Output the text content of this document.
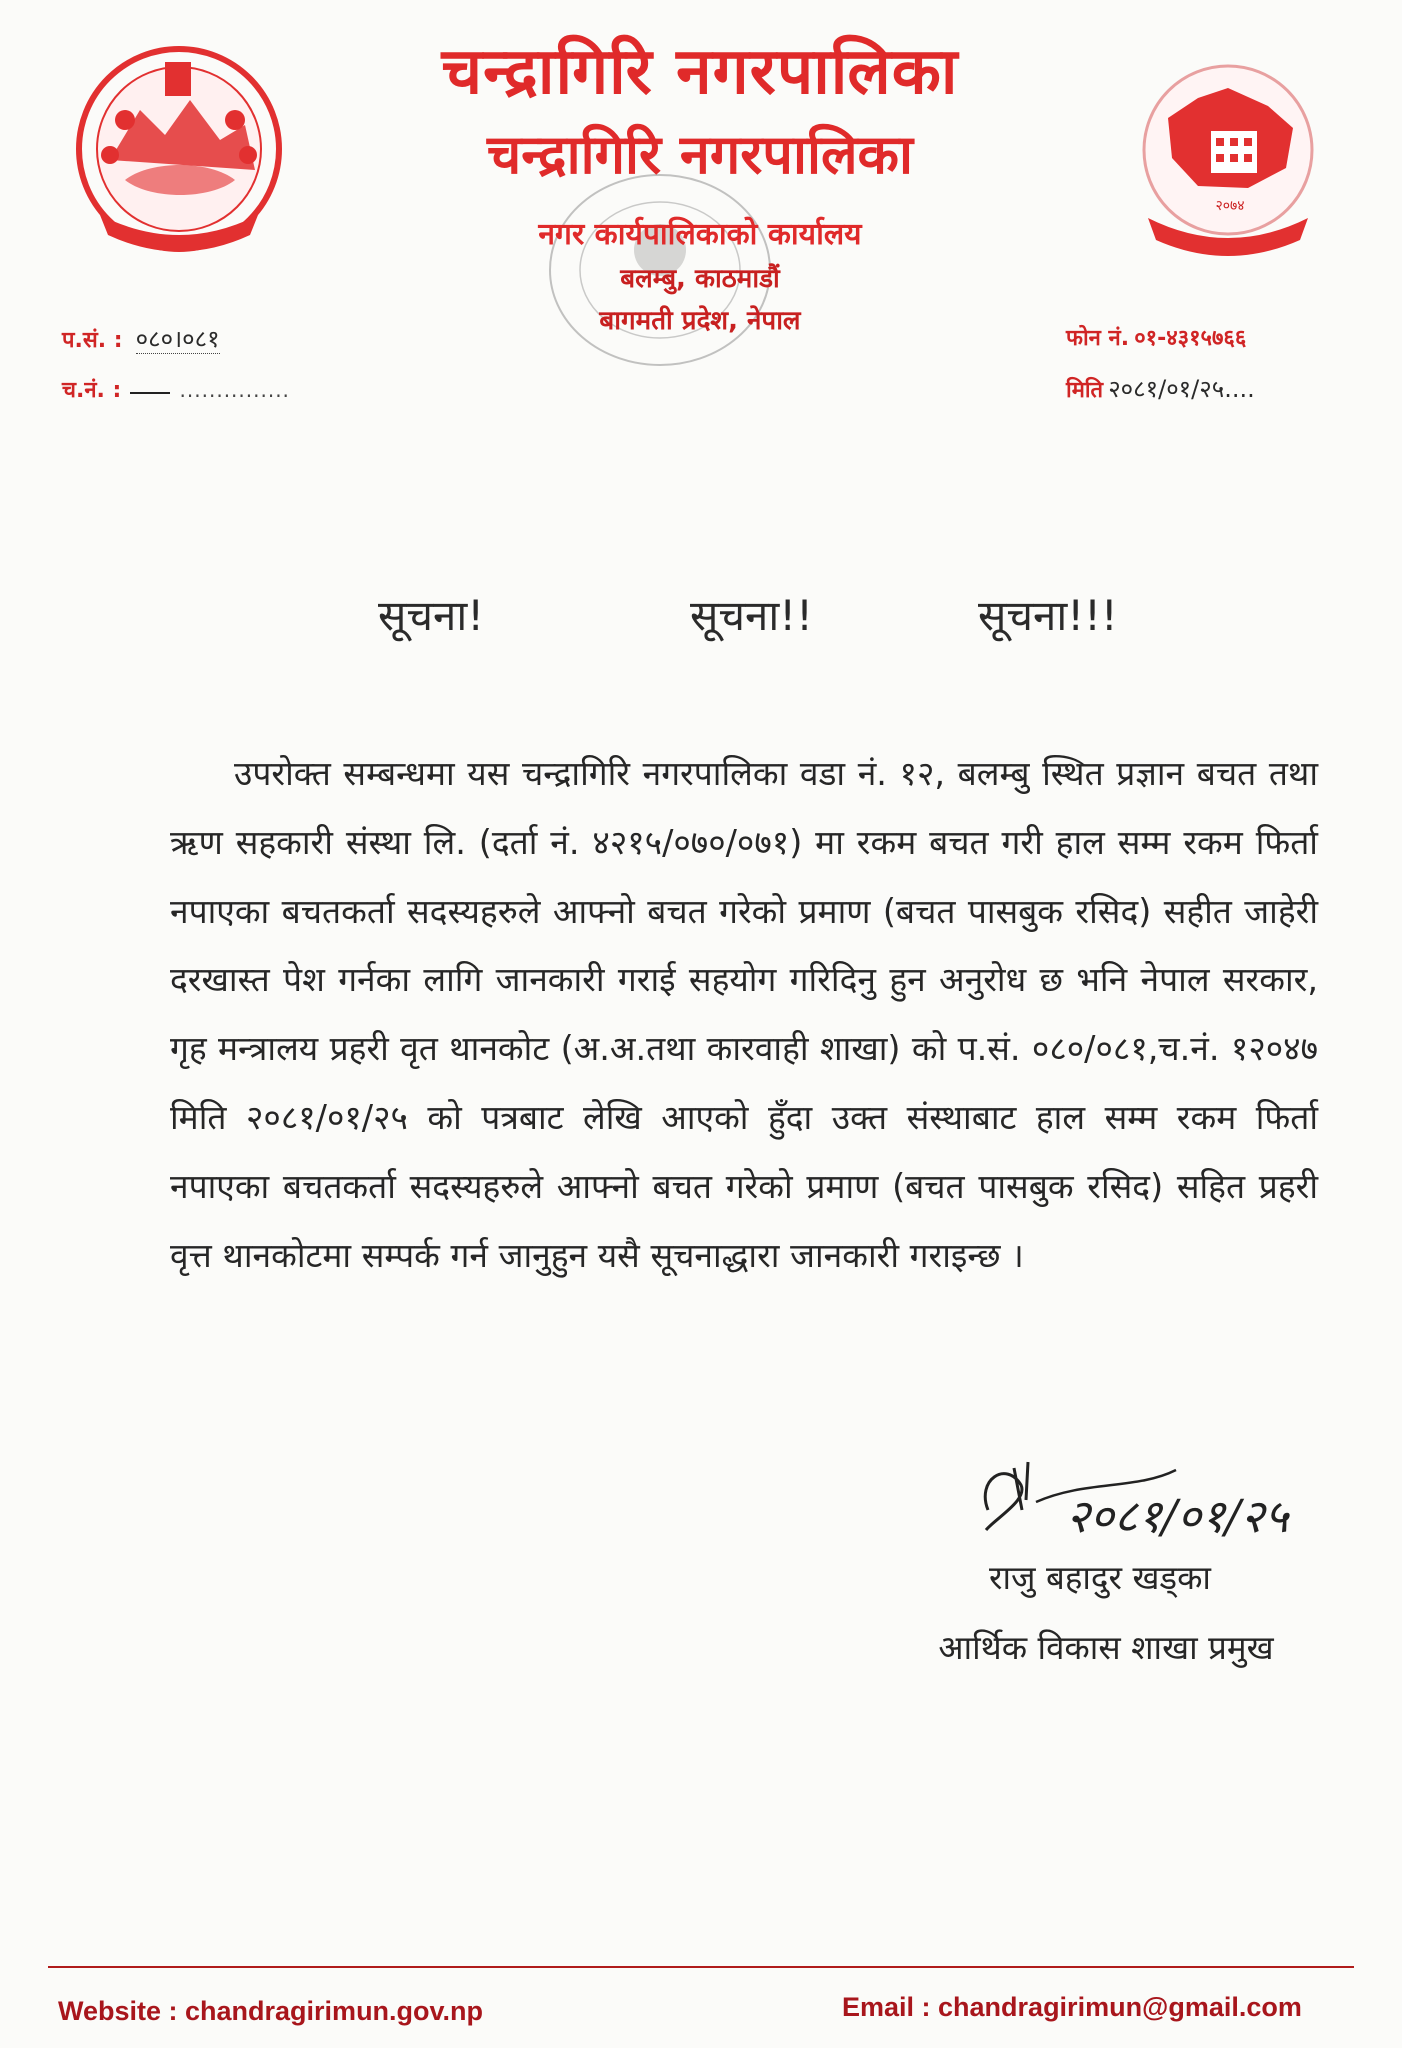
२०७४
चन्द्रागिरि नगरपालिका
चन्द्रागिरि नगरपालिका
नगर कार्यपालिकाको कार्यालय
बलम्बु, काठमाडौं
बागमती प्रदेश, नेपाल
प.सं. : ०८०।०८१
च.नं. :	...............
फोन नं. ०१-४३१५७६६
मिति २०८१/०१/२५....
सूचना!	सूचना!!	सूचना!!!
उपरोक्त सम्बन्धमा यस चन्द्रागिरि नगरपालिका वडा नं. १२, बलम्बु स्थित प्रज्ञान बचत तथा ऋण सहकारी संस्था लि. (दर्ता नं. ४२१५/०७०/०७१) मा रकम बचत गरी हाल सम्म रकम फिर्ता नपाएका बचतकर्ता सदस्यहरुले आफ्नो बचत गरेको प्रमाण (बचत पासबुक रसिद) सहीत जाहेरी दरखास्त पेश गर्नका लागि जानकारी गराई सहयोग गरिदिनु हुन अनुरोध छ भनि नेपाल सरकार, गृह मन्त्रालय प्रहरी वृत थानकोट (अ.अ.तथा कारवाही शाखा) को प.सं. ०८०/०८१,च.नं. १२०४७ मिति २०८१/०१/२५ को पत्रबाट लेखि आएको हुँदा उक्त संस्थाबाट हाल सम्म रकम फिर्ता नपाएका बचतकर्ता सदस्यहरुले आफ्नो बचत गरेको प्रमाण (बचत पासबुक रसिद) सहित प्रहरी वृत्त थानकोटमा सम्पर्क गर्न जानुहुन यसै सूचनाद्धारा जानकारी गराइन्छ ।
२०८१/०१/२५
राजु बहादुर खड्का
आर्थिक विकास शाखा प्रमुख
Website : chandragirimun.gov.np	Email : chandragirimun@gmail.com
